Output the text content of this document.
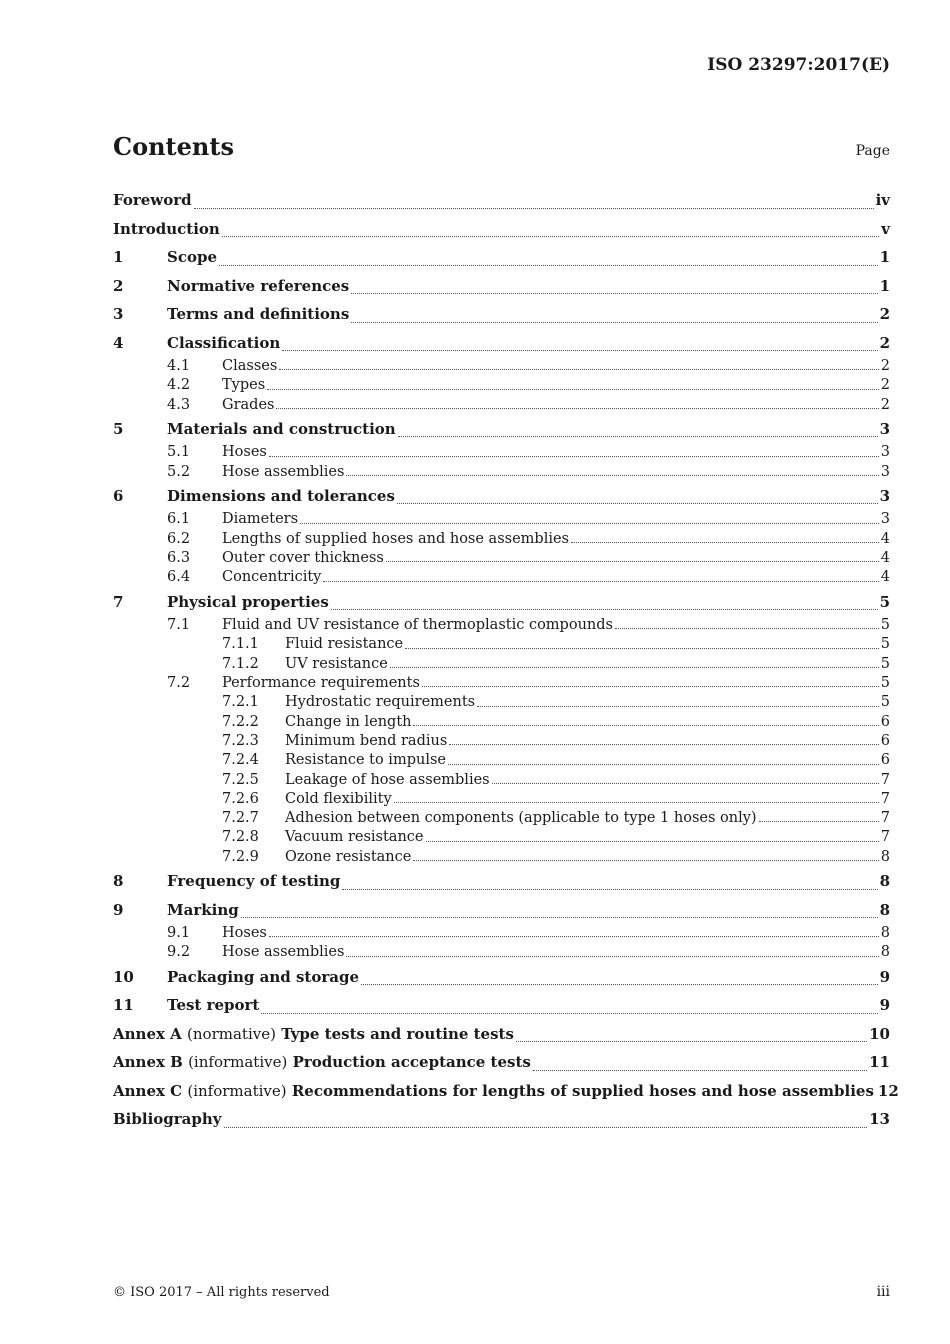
ISO 23297:2017(E)
Contents	Page
Foreword	iv
Introduction	v
1	Scope	1
2	Normative references	1
3	Terms and definitions	2
4	Classification	2
4.1	Classes	2
4.2	Types	2
4.3	Grades	2
5	Materials and construction	3
5.1	Hoses	3
5.2	Hose assemblies	3
6	Dimensions and tolerances	3
6.1	Diameters	3
6.2	Lengths of supplied hoses and hose assemblies	4
6.3	Outer cover thickness	4
6.4	Concentricity	4
7	Physical properties	5
7.1	Fluid and UV resistance of thermoplastic compounds	5
7.1.1	Fluid resistance	5
7.1.2	UV resistance	5
7.2	Performance requirements	5
7.2.1	Hydrostatic requirements	5
7.2.2	Change in length	6
7.2.3	Minimum bend radius	6
7.2.4	Resistance to impulse	6
7.2.5	Leakage of hose assemblies	7
7.2.6	Cold flexibility	7
7.2.7	Adhesion between components (applicable to type 1 hoses only)	7
7.2.8	Vacuum resistance	7
7.2.9	Ozone resistance	8
8	Frequency of testing	8
9	Marking	8
9.1	Hoses	8
9.2	Hose assemblies	8
10	Packaging and storage	9
11	Test report	9
Annex A (normative) Type tests and routine tests	10
Annex B (informative) Production acceptance tests	11
Annex C (informative) Recommendations for lengths of supplied hoses and hose assemblies 12
Bibliography	13
© ISO 2017 – All rights reserved	iii
